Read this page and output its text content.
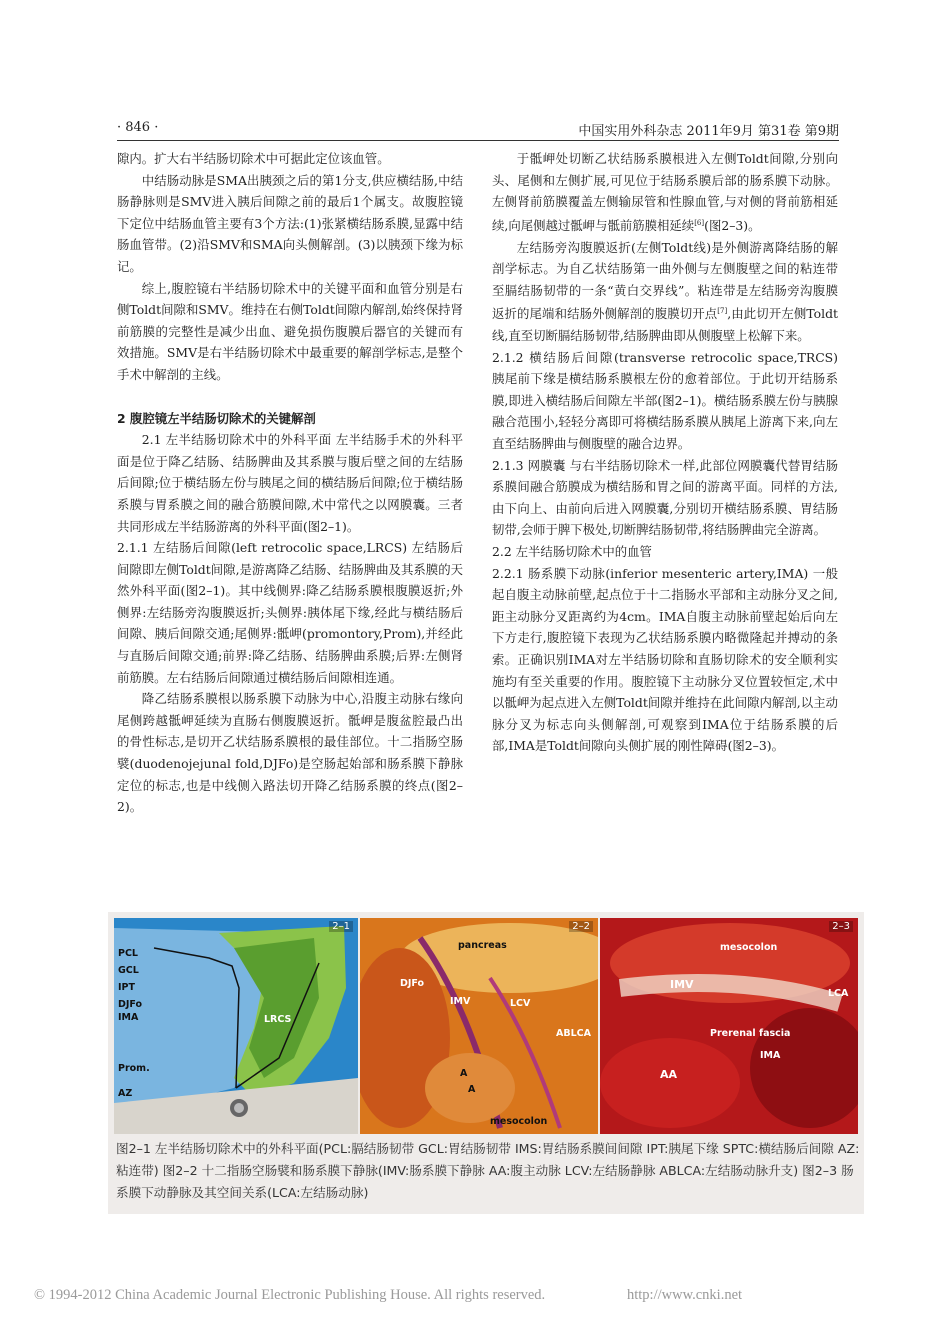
· 846 ·	中国实用外科杂志 2011年9月 第31卷 第9期

隙内。扩大右半结肠切除术中可据此定位该血管。

中结肠动脉是SMA出胰颈之后的第1分支,供应横结肠,中结肠静脉则是SMV进入胰后间隙之前的最后1个属支。故腹腔镜下定位中结肠血管主要有3个方法:(1)张紧横结肠系膜,显露中结肠血管带。(2)沿SMV和SMA向头侧解剖。(3)以胰颈下缘为标记。

综上,腹腔镜右半结肠切除术中的关键平面和血管分别是右侧Toldt间隙和SMV。维持在右侧Toldt间隙内解剖,始终保持肾前筋膜的完整性是减少出血、避免损伤腹膜后器官的关键而有效措施。SMV是右半结肠切除术中最重要的解剖学标志,是整个手术中解剖的主线。

2 腹腔镜左半结肠切除术的关键解剖

2.1 左半结肠切除术中的外科平面 左半结肠手术的外科平面是位于降乙结肠、结肠脾曲及其系膜与腹后壁之间的左结肠后间隙;位于横结肠左份与胰尾之间的横结肠后间隙;位于横结肠系膜与胃系膜之间的融合筋膜间隙,术中常代之以网膜囊。三者共同形成左半结肠游离的外科平面(图2–1)。

2.1.1 左结肠后间隙(left retrocolic space,LRCS) 左结肠后间隙即左侧Toldt间隙,是游离降乙结肠、结肠脾曲及其系膜的天然外科平面(图2–1)。其中线侧界:降乙结肠系膜根腹膜返折;外侧界:左结肠旁沟腹膜返折;头侧界:胰体尾下缘,经此与横结肠后间隙、胰后间隙交通;尾侧界:骶岬(promontory,Prom),并经此与直肠后间隙交通;前界:降乙结肠、结肠脾曲系膜;后界:左侧肾前筋膜。左右结肠后间隙通过横结肠后间隙相连通。

降乙结肠系膜根以肠系膜下动脉为中心,沿腹主动脉右缘向尾侧跨越骶岬延续为直肠右侧腹膜返折。骶岬是腹盆腔最凸出的骨性标志,是切开乙状结肠系膜根的最佳部位。十二指肠空肠襞(duodenojejunal fold,DJFo)是空肠起始部和肠系膜下静脉定位的标志,也是中线侧入路法切开降乙结肠系膜的终点(图2–2)。

于骶岬处切断乙状结肠系膜根进入左侧Toldt间隙,分别向头、尾侧和左侧扩展,可见位于结肠系膜后部的肠系膜下动脉。左侧肾前筋膜覆盖左侧输尿管和性腺血管,与对侧的肾前筋相延续,向尾侧越过骶岬与骶前筋膜相延续[6](图2–3)。

左结肠旁沟腹膜返折(左侧Toldt线)是外侧游离降结肠的解剖学标志。为自乙状结肠第一曲外侧与左侧腹壁之间的粘连带至膈结肠韧带的一条“黄白交界线”。粘连带是左结肠旁沟腹膜返折的尾端和结肠外侧解剖的腹膜切开点[7],由此切开左侧Toldt线,直至切断膈结肠韧带,结肠脾曲即从侧腹壁上松解下来。

2.1.2 横结肠后间隙(transverse retrocolic space,TRCS) 胰尾前下缘是横结肠系膜根左份的愈着部位。于此切开结肠系膜,即进入横结肠后间隙左半部(图2–1)。横结肠系膜左份与胰腺融合范围小,轻轻分离即可将横结肠系膜从胰尾上游离下来,向左直至结肠脾曲与侧腹壁的融合边界。

2.1.3 网膜囊 与右半结肠切除术一样,此部位网膜囊代替胃结肠系膜间融合筋膜成为横结肠和胃之间的游离平面。同样的方法,由下向上、由前向后进入网膜囊,分别切开横结肠系膜、胃结肠韧带,会师于脾下极处,切断脾结肠韧带,将结肠脾曲完全游离。

2.2 左半结肠切除术中的血管

2.2.1 肠系膜下动脉(inferior mesenteric artery,IMA) 一般起自腹主动脉前壁,起点位于十二指肠水平部和主动脉分叉之间,距主动脉分叉距离约为4cm。IMA自腹主动脉前壁起始后向左下方走行,腹腔镜下表现为乙状结肠系膜内略微隆起并搏动的条索。正确识别IMA对左半结肠切除和直肠切除术的安全顺利实施均有至关重要的作用。腹腔镜下主动脉分叉位置较恒定,术中以骶岬为起点进入左侧Toldt间隙并维持在此间隙内解剖,以主动脉分叉为标志向头侧解剖,可观察到IMA位于结肠系膜的后部,IMA是Toldt间隙向头侧扩展的刚性障碍(图2–3)。

2–1
PCL
GCL
IPT
DJFo
IMA	LRCS
Prom.
AZ
2–2
pancreas
DJFo
IMV	LCV
ABLCA
A
A
mesocolon
2–3
mesocolon
IMV
LCA
Prerenal fascia
IMA
AA
图2–1 左半结肠切除术中的外科平面(PCL:膈结肠韧带 GCL:胃结肠韧带 IMS:胃结肠系膜间间隙 IPT:胰尾下缘 SPTC:横结肠后间隙 AZ:粘连带) 图2–2 十二指肠空肠襞和肠系膜下静脉(IMV:肠系膜下静脉 AA:腹主动脉 LCV:左结肠静脉 ABLCA:左结肠动脉升支) 图2–3 肠系膜下动静脉及其空间关系(LCA:左结肠动脉)
© 1994-2012 China Academic Journal Electronic Publishing House. All rights reserved.	http://www.cnki.net
